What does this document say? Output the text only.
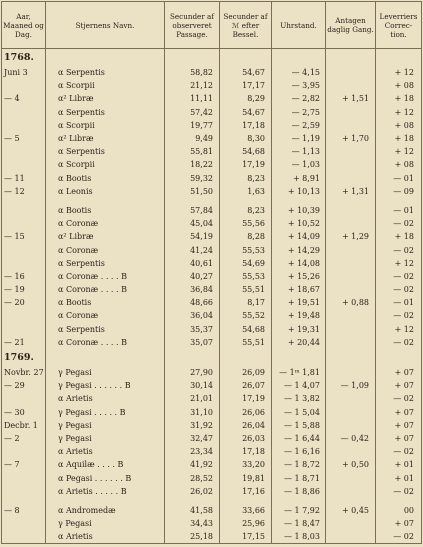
Aar, Maaned og Dag.	Stjernens Navn.	Secunder af observeret Passage.	Secunder af ℳ efter Bessel.	Uhrstand.	Antagen daglig Gang.	Leverriers Correc-tion.
1768.						
Juni 3	α Serpentis	58,82	54,67	— 4,15		+ 12
	α Scorpii	21,12	17,17	— 3,95		+ 08
— 4	α² Libræ	11,11	8,29	— 2,82	+ 1,51	+ 18
	α Serpentis	57,42	54,67	— 2,75		+ 12
	α Scorpii	19,77	17,18	— 2,59		+ 08
— 5	α² Libræ	9,49	8,30	— 1,19	+ 1,70	+ 18
	α Serpentis	55,81	54,68	— 1,13		+ 12
	α Scorpii	18,22	17,19	— 1,03		+ 08
— 11	α Bootis	59,32	8,23	+ 8,91		— 01
— 12	α Leonis	51,50	1,63	+ 10,13	+ 1,31	— 09

	α Bootis	57,84	8,23	+ 10,39		— 01
	α Coronæ	45,04	55,56	+ 10,52		— 02
— 15	α² Libræ	54,19	8,28	+ 14,09	+ 1,29	+ 18
	α Coronæ	41,24	55,53	+ 14,29		— 02
	α Serpentis	40,61	54,69	+ 14,08		+ 12
— 16	α Coronæ . . . . B	40,27	55,53	+ 15,26		— 02
— 19	α Coronæ . . . . B	36,84	55,51	+ 18,67		— 02
— 20	α Bootis	48,66	8,17	+ 19,51	+ 0,88	— 01
	α Coronæ	36,04	55,52	+ 19,48		— 02
	α Serpentis	35,37	54,68	+ 19,31		+ 12
— 21	α Coronæ . . . . B	35,07	55,51	+ 20,44		— 02
1769.						
Novbr. 27	γ Pegasi	27,90	26,09	— 1ᵐ 1,81		+ 07
— 29	γ Pegasi . . . . . . B	30,14	26,07	— 1 4,07	— 1,09	+ 07
	α Arietis	21,01	17,19	— 1 3,82		— 02
— 30	γ Pegasi . . . . . B	31,10	26,06	— 1 5,04		+ 07
Decbr. 1	γ Pegasi	31,92	26,04	— 1 5,88		+ 07
— 2	γ Pegasi	32,47	26,03	— 1 6,44	— 0,42	+ 07
	α Arietis	23,34	17,18	— 1 6,16		— 02
— 7	α Aquilæ . . . . B	41,92	33,20	— 1 8,72	+ 0,50	+ 01
	α Pegasi . . . . . . B	28,52	19,81	— 1 8,71		+ 01
	α Arietis . . . . . B	26,02	17,16	— 1 8,86		— 02

— 8	α Andromedæ	41,58	33,66	— 1 7,92	+ 0,45	00
	γ Pegasi	34,43	25,96	— 1 8,47		+ 07
	α Arietis	25,18	17,15	— 1 8,03		— 02
